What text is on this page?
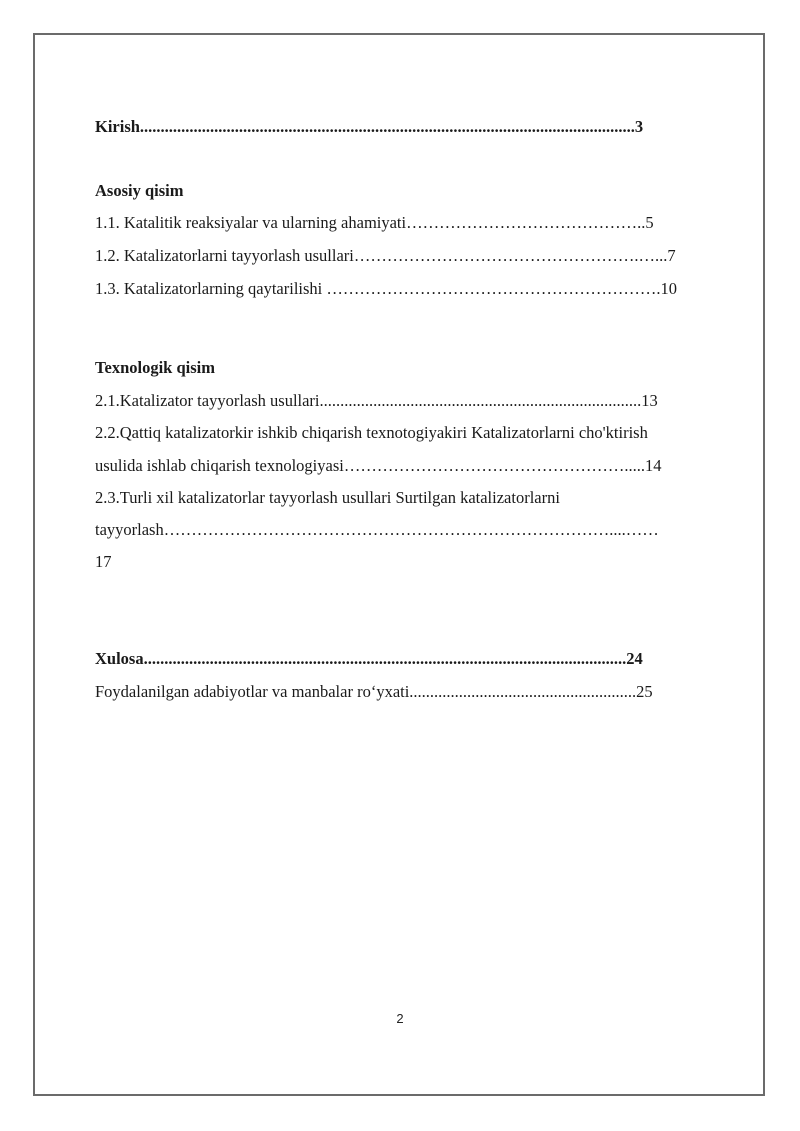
Kirish........................................................................................................................3
Asosiy qisim
1.1. Katalitik reaksiyalar va ularning ahamiyati……………………………………..5
1.2. Katalizatorlarni tayyorlash usullari…………………………………………….…...7
1.3. Katalizatorlarning qaytarilishi …………………………………………………….10
Texnologik qisim
2.1.Katalizator tayyorlash usullari..............................................................................13
2.2.Qattiq katalizatorkir ishkib chiqarish texnotogiyakiri Katalizatorlarni cho'ktirish
usulida ishlab chiqarish texnologiyasi…………………………………………….....14
2.3.Turli xil katalizatorlar tayyorlash usullari Surtilgan katalizatorlarni
tayyorlash………………………………………………………………………....……
17
Xulosa.....................................................................................................................24
Foydalanilgan adabiyotlar va manbalar ro‘yxati.......................................................25
2
